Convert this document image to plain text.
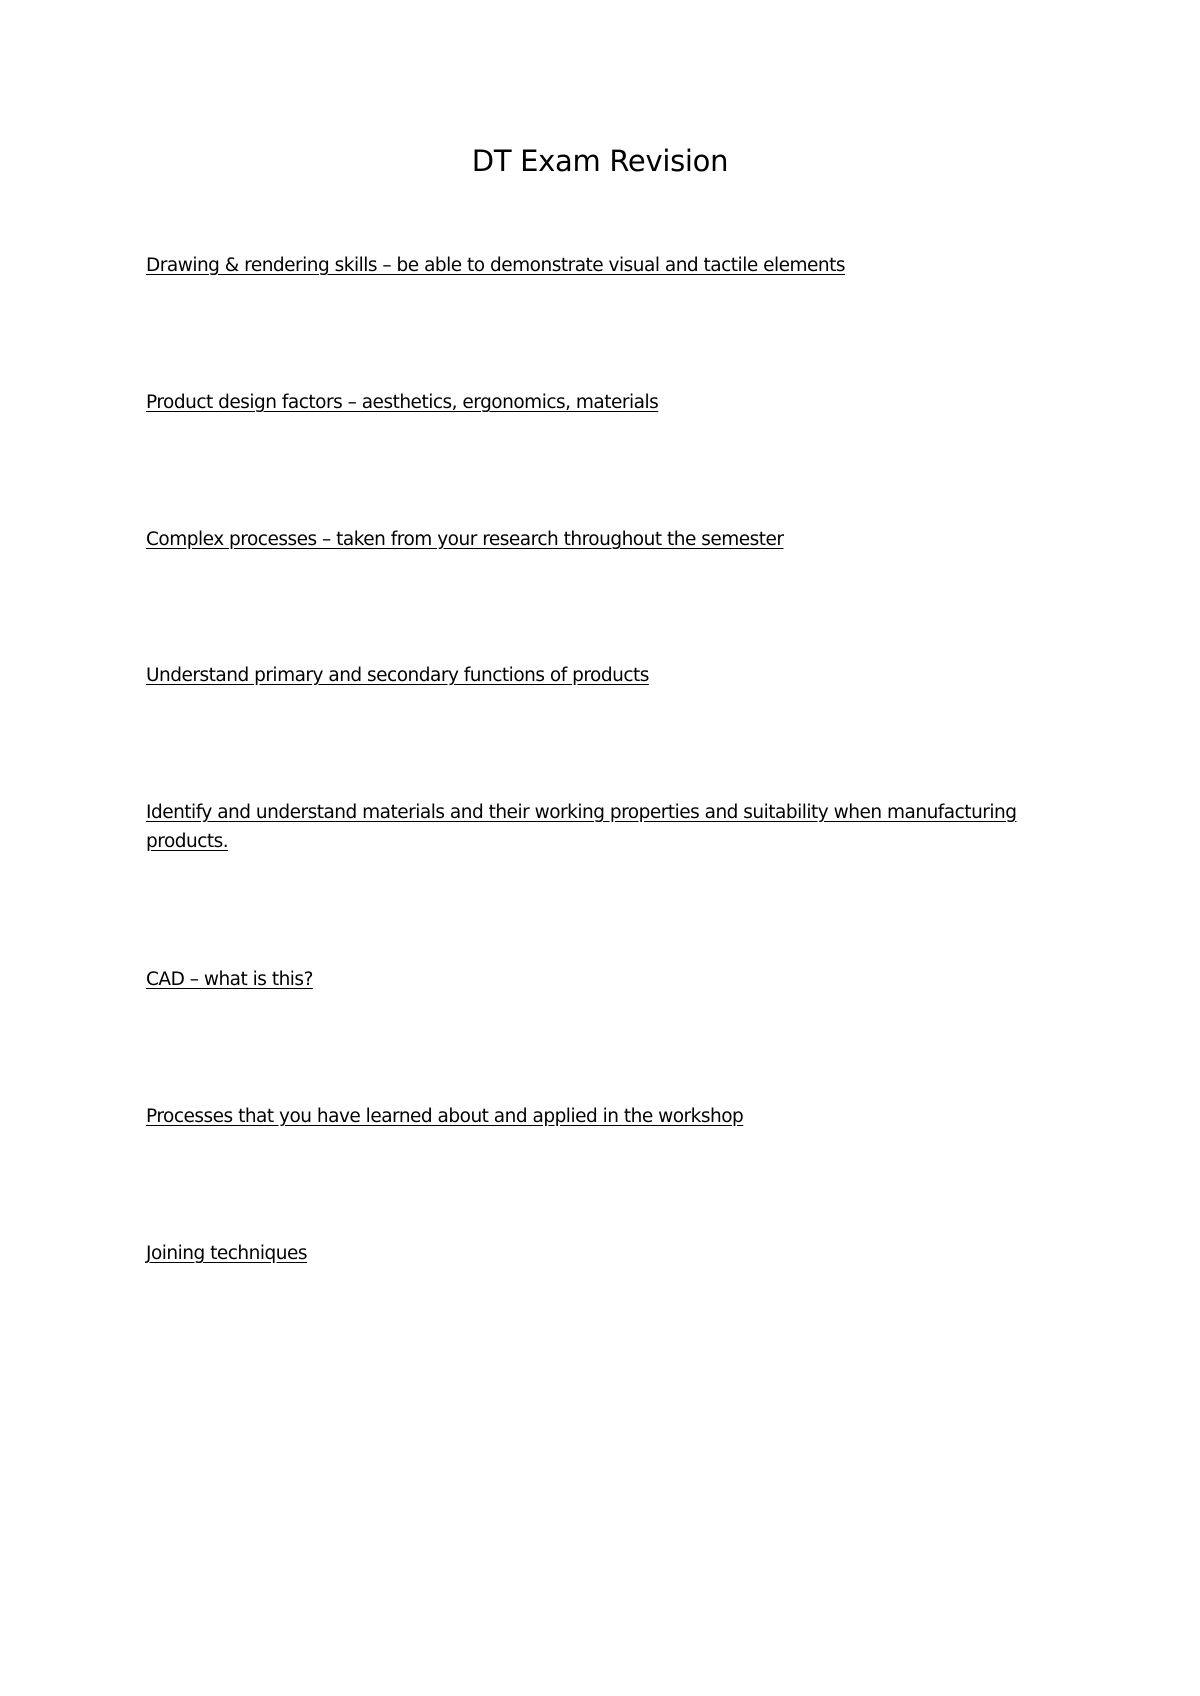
DT Exam Revision
Drawing & rendering skills – be able to demonstrate visual and tactile elements
Product design factors – aesthetics, ergonomics, materials
Complex processes – taken from your research throughout the semester
Understand primary and secondary functions of products
Identify and understand materials and their working properties and suitability when manufacturing products.
CAD – what is this?
Processes that you have learned about and applied in the workshop
Joining techniques
